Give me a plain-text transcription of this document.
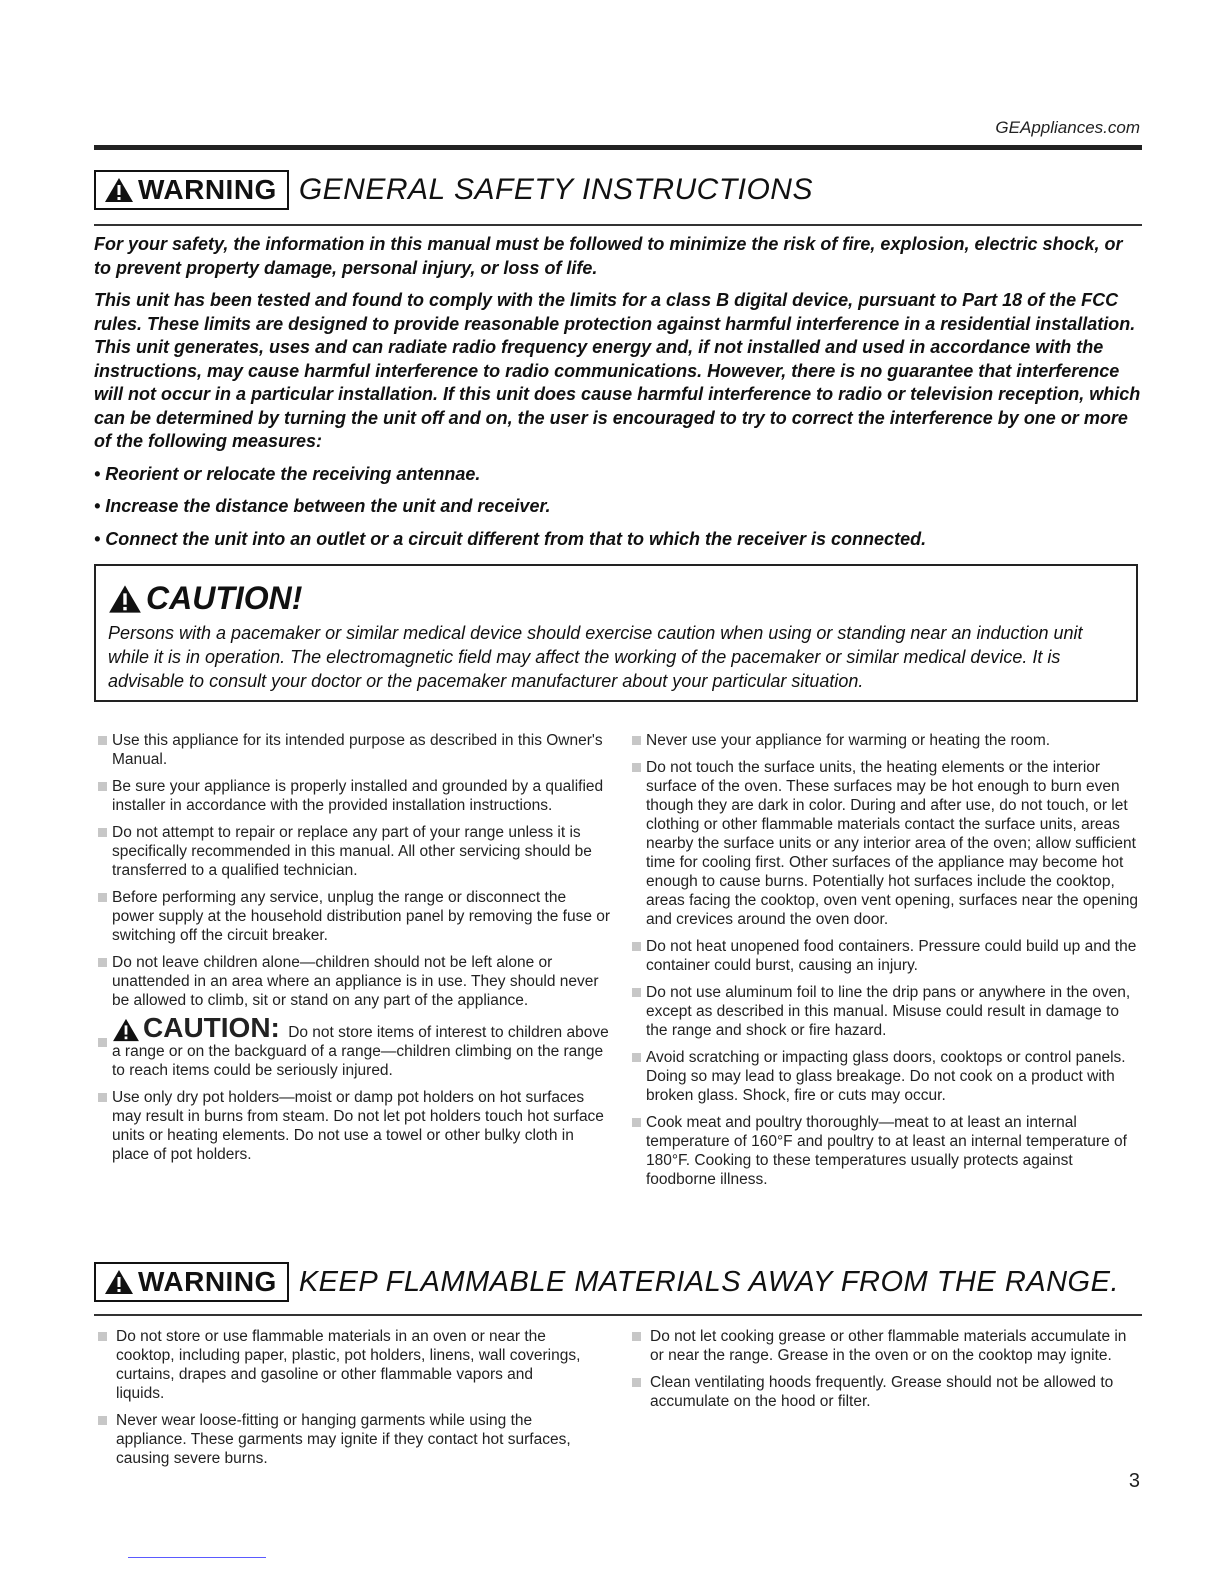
GEAppliances.com
WARNING GENERAL SAFETY INSTRUCTIONS

For your safety, the information in this manual must be followed to minimize the risk of fire, explosion, electric shock, or to prevent property damage, personal injury, or loss of life.

This unit has been tested and found to comply with the limits for a class B digital device, pursuant to Part 18 of the FCC rules. These limits are designed to provide reasonable protection against harmful interference in a residential installation. This unit generates, uses and can radiate radio frequency energy and, if not installed and used in accordance with the instructions, may cause harmful interference to radio communications. However, there is no guarantee that interference will not occur in a particular installation. If this unit does cause harmful interference to radio or television reception, which can be determined by turning the unit off and on, the user is encouraged to try to correct the interference by one or more of the following measures:

• Reorient or relocate the receiving antennae.

• Increase the distance between the unit and receiver.

• Connect the unit into an outlet or a circuit different from that to which the receiver is connected.

CAUTION!
Persons with a pacemaker or similar medical device should exercise caution when using or standing near an induction unit while it is in operation. The electromagnetic field may affect the working of the pacemaker or similar medical device. It is advisable to consult your doctor or the pacemaker manufacturer about your particular situation.
Use this appliance for its intended purpose as described in this Owner's Manual.
Be sure your appliance is properly installed and grounded by a qualified installer in accordance with the provided installation instructions.
Do not attempt to repair or replace any part of your range unless it is specifically recommended in this manual. All other servicing should be transferred to a qualified technician.
Before performing any service, unplug the range or disconnect the power supply at the household distribution panel by removing the fuse or switching off the circuit breaker.
Do not leave children alone—children should not be left alone or unattended in an area where an appliance is in use. They should never be allowed to climb, sit or stand on any part of the appliance.
CAUTION : Do not store items of interest to children above a range or on the backguard of a range—children climbing on the range to reach items could be seriously injured.
Use only dry pot holders—moist or damp pot holders on hot surfaces may result in burns from steam. Do not let pot holders touch hot surface units or heating elements. Do not use a towel or other bulky cloth in place of pot holders.
Never use your appliance for warming or heating the room.
Do not touch the surface units, the heating elements or the interior surface of the oven. These surfaces may be hot enough to burn even though they are dark in color. During and after use, do not touch, or let clothing or other flammable materials contact the surface units, areas nearby the surface units or any interior area of the oven; allow sufficient time for cooling first. Other surfaces of the appliance may become hot enough to cause burns. Potentially hot surfaces include the cooktop, areas facing the cooktop, oven vent opening, surfaces near the opening and crevices around the oven door.
Do not heat unopened food containers. Pressure could build up and the container could burst, causing an injury.
Do not use aluminum foil to line the drip pans or anywhere in the oven, except as described in this manual. Misuse could result in damage to the range and shock or fire hazard.
Avoid scratching or impacting glass doors, cooktops or control panels. Doing so may lead to glass breakage. Do not cook on a product with broken glass. Shock, fire or cuts may occur.
Cook meat and poultry thoroughly—meat to at least an internal temperature of 160°F and poultry to at least an internal temperature of 180°F. Cooking to these temperatures usually protects against foodborne illness.
WARNING KEEP FLAMMABLE MATERIALS AWAY FROM THE RANGE.
Do not store or use flammable materials in an oven or near the cooktop, including paper, plastic, pot holders, linens, wall coverings, curtains, drapes and gasoline or other flammable vapors and liquids.
Never wear loose-fitting or hanging garments while using the appliance. These garments may ignite if they contact hot surfaces, causing severe burns.
Do not let cooking grease or other flammable materials accumulate in or near the range. Grease in the oven or on the cooktop may ignite.
Clean ventilating hoods frequently. Grease should not be allowed to accumulate on the hood or filter.
3
